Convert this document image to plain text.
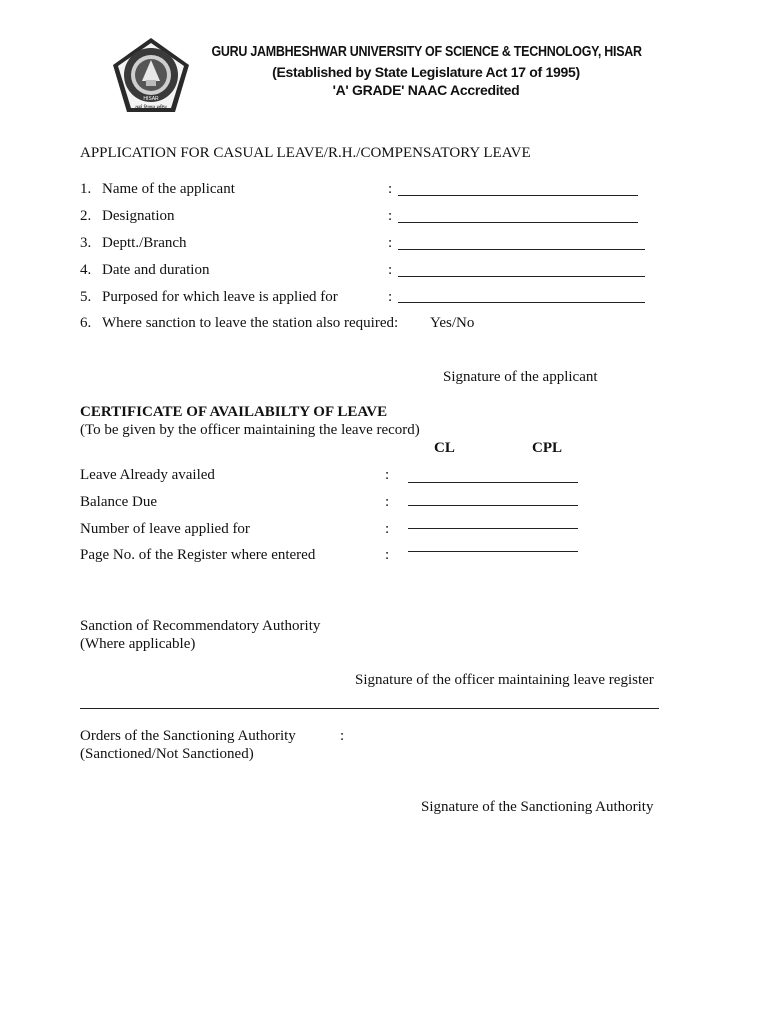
HISAR
कर्म विज्ञान सहित
GURU JAMBHESHWAR UNIVERSITY OF SCIENCE & TECHNOLOGY, HISAR
(Established by State Legislature Act 17 of 1995)
'A' GRADE' NAAC Accredited
APPLICATION FOR CASUAL LEAVE/R.H./COMPENSATORY LEAVE
1. Name of the applicant	:
2. Designation	:
3. Deptt./Branch	:
4. Date and duration	:
5. Purposed for which leave is applied for	:
6. Where sanction to leave the station also required: Yes/No
Signature of the applicant
CERTIFICATE OF AVAILABILTY OF LEAVE
(To be given by the officer maintaining the leave record)
CL	CPL
Leave Already availed	:
Balance Due	:
Number of leave applied for	:
Page No. of the Register where entered	:
Sanction of Recommendatory Authority
(Where applicable)
Signature of the officer maintaining leave register
Orders of the Sanctioning Authority	:
(Sanctioned/Not Sanctioned)
Signature of the Sanctioning Authority
